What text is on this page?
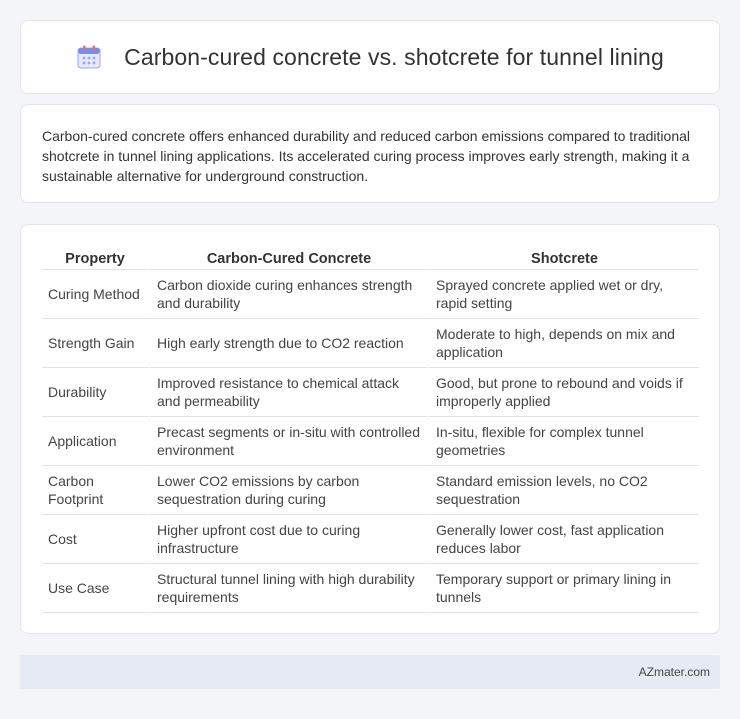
Carbon-cured concrete vs. shotcrete for tunnel lining

Carbon-cured concrete offers enhanced durability and reduced carbon emissions compared to traditional shotcrete in tunnel lining applications. Its accelerated curing process improves early strength, making it a sustainable alternative for underground construction.

Property	Carbon-Cured Concrete	Shotcrete
Curing Method	Carbon dioxide curing enhances strength and durability	Sprayed concrete applied wet or dry, rapid setting
Strength Gain	High early strength due to CO2 reaction	Moderate to high, depends on mix and application
Durability	Improved resistance to chemical attack and permeability	Good, but prone to rebound and voids if improperly applied
Application	Precast segments or in-situ with controlled environment	In-situ, flexible for complex tunnel geometries
Carbon Footprint	Lower CO2 emissions by carbon sequestration during curing	Standard emission levels, no CO2 sequestration
Cost	Higher upfront cost due to curing infrastructure	Generally lower cost, fast application reduces labor
Use Case	Structural tunnel lining with high durability requirements	Temporary support or primary lining in tunnels
AZmater.com
